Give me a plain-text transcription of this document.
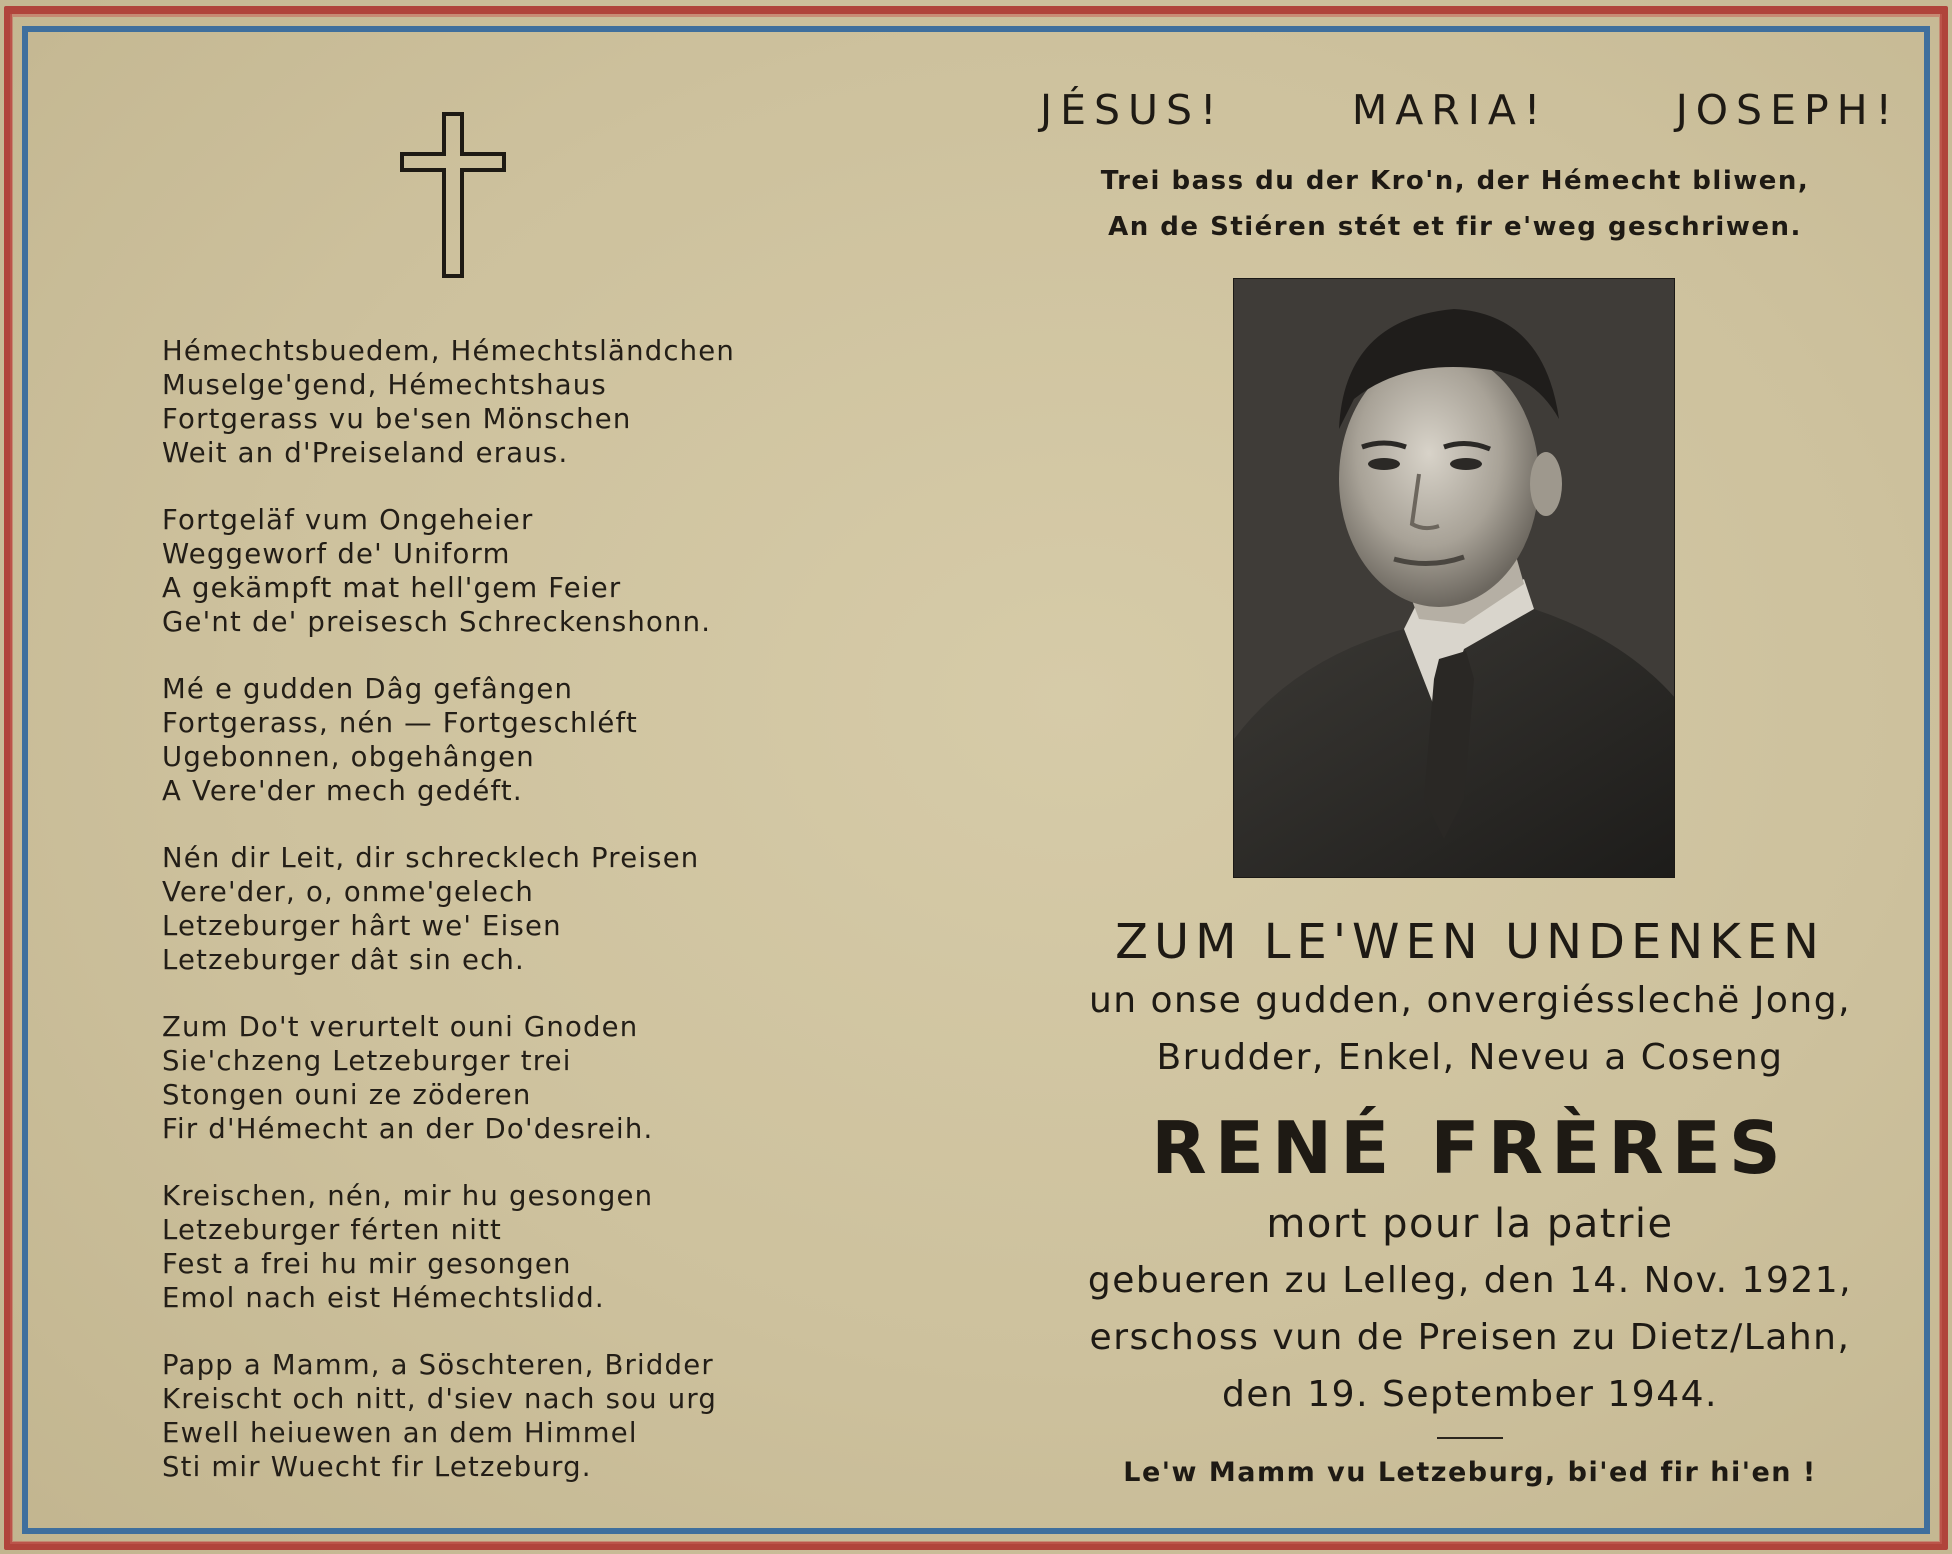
Hémechtsbuedem, Hémechtsländchen
Muselge'gend, Hémechtshaus
Fortgerass vu be'sen Mönschen
Weit an d'Preiseland eraus.
Fortgeläf vum Ongeheier
Weggeworf de' Uniform
A gekämpft mat hell'gem Feier
Ge'nt de' preisesch Schreckenshonn.
Mé e gudden Dâg gefângen
Fortgerass, nén — Fortgeschléft
Ugebonnen, obgehângen
A Vere'der mech gedéft.
Nén dir Leit, dir schrecklech Preisen
Vere'der, o, onme'gelech
Letzeburger hârt we' Eisen
Letzeburger dât sin ech.
Zum Do't verurtelt ouni Gnoden
Sie'chzeng Letzeburger trei
Stongen ouni ze zöderen
Fir d'Hémecht an der Do'desreih.
Kreischen, nén, mir hu gesongen
Letzeburger férten nitt
Fest a frei hu mir gesongen
Emol nach eist Hémechtslidd.
Papp a Mamm, a Söschteren, Bridder
Kreischt och nitt, d'siev nach sou urg
Ewell heiuewen an dem Himmel
Sti mir Wuecht fir Letzeburg.
JÉSUS!	MARIA!	JOSEPH!
Trei bass du der Kro'n, der Hémecht bliwen,
An de Stiéren stét et fir e'weg geschriwen.
ZUM LE'WEN UNDENKEN
un onse gudden, onvergiésslechë Jong,
Brudder, Enkel, Neveu a Coseng
RENÉ FRÈRES
mort pour la patrie
gebueren zu Lelleg, den 14. Nov. 1921,
erschoss vun de Preisen zu Dietz/Lahn,
den 19. September 1944.
Le'w Mamm vu Letzeburg, bi'ed fir hi'en !
